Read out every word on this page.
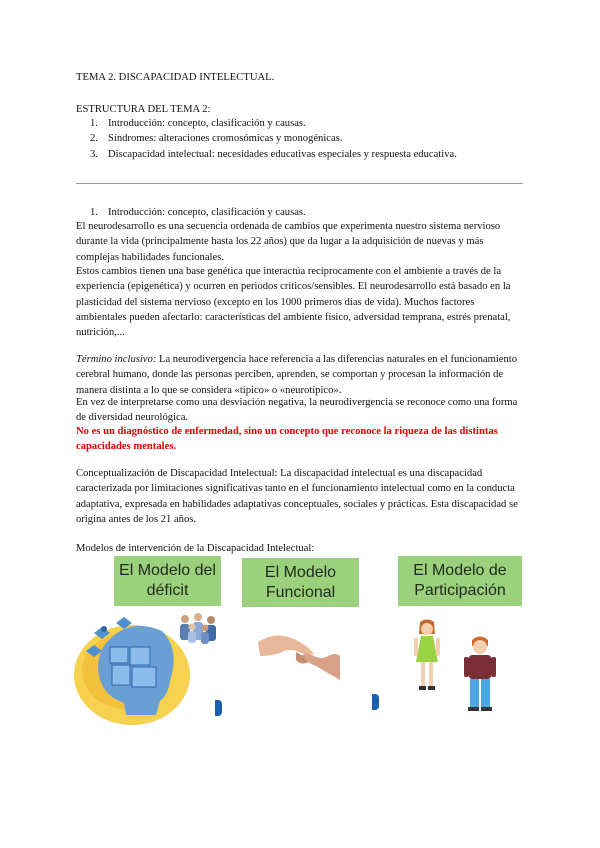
TEMA 2. DISCAPACIDAD INTELECTUAL.
ESTRUCTURA DEL TEMA 2:
1. Introducción: concepto, clasificación y causas.
2. Síndromes: alteraciones cromosómicas y monogénicas.
3. Discapacidad intelectual: necesidades educativas especiales y respuesta educativa.
1. Introducción: concepto, clasificación y causas.
El neurodesarrollo es una secuencia ordenada de cambios que experimenta nuestro sistema nervioso durante la vida (principalmente hasta los 22 años) que da lugar a la adquisición de nuevas y más complejas habilidades funcionales.
Estos cambios tienen una base genética que interactúa recíprocamente con el ambiente a través de la experiencia (epigenética) y ocurren en periodos críticos/sensibles. El neurodesarrollo está basado en la plasticidad del sistema nervioso (excepto en los 1000 primeros días de vida). Muchos factores ambientales pueden afectarlo: características del ambiente físico, adversidad temprana, estrés prenatal, nutrición,...
Término inclusivo: La neurodivergencia hace referencia a las diferencias naturales en el funcionamiento cerebral humano, donde las personas perciben, aprenden, se comportan y procesan la información de manera distinta a lo que se considera «típico» o «neurotípico».
En vez de interpretarse como una desviación negativa, la neurodivergencia se reconoce como una forma de diversidad neurológica.
No es un diagnóstico de enfermedad, sino un concepto que reconoce la riqueza de las distintas capacidades mentales.
Conceptualización de Discapacidad Intelectual: La discapacidad intelectual es una discapacidad caracterizada por limitaciones significativas tanto en el funcionamiento intelectual como en la conducta adaptativa, expresada en habilidades adaptativas conceptuales, sociales y prácticas. Esta discapacidad se origina antes de los 21 años.
Modelos de intervención de la Discapacidad Intelectual:
El Modelo del déficit
El Modelo Funcional
El Modelo de Participación
